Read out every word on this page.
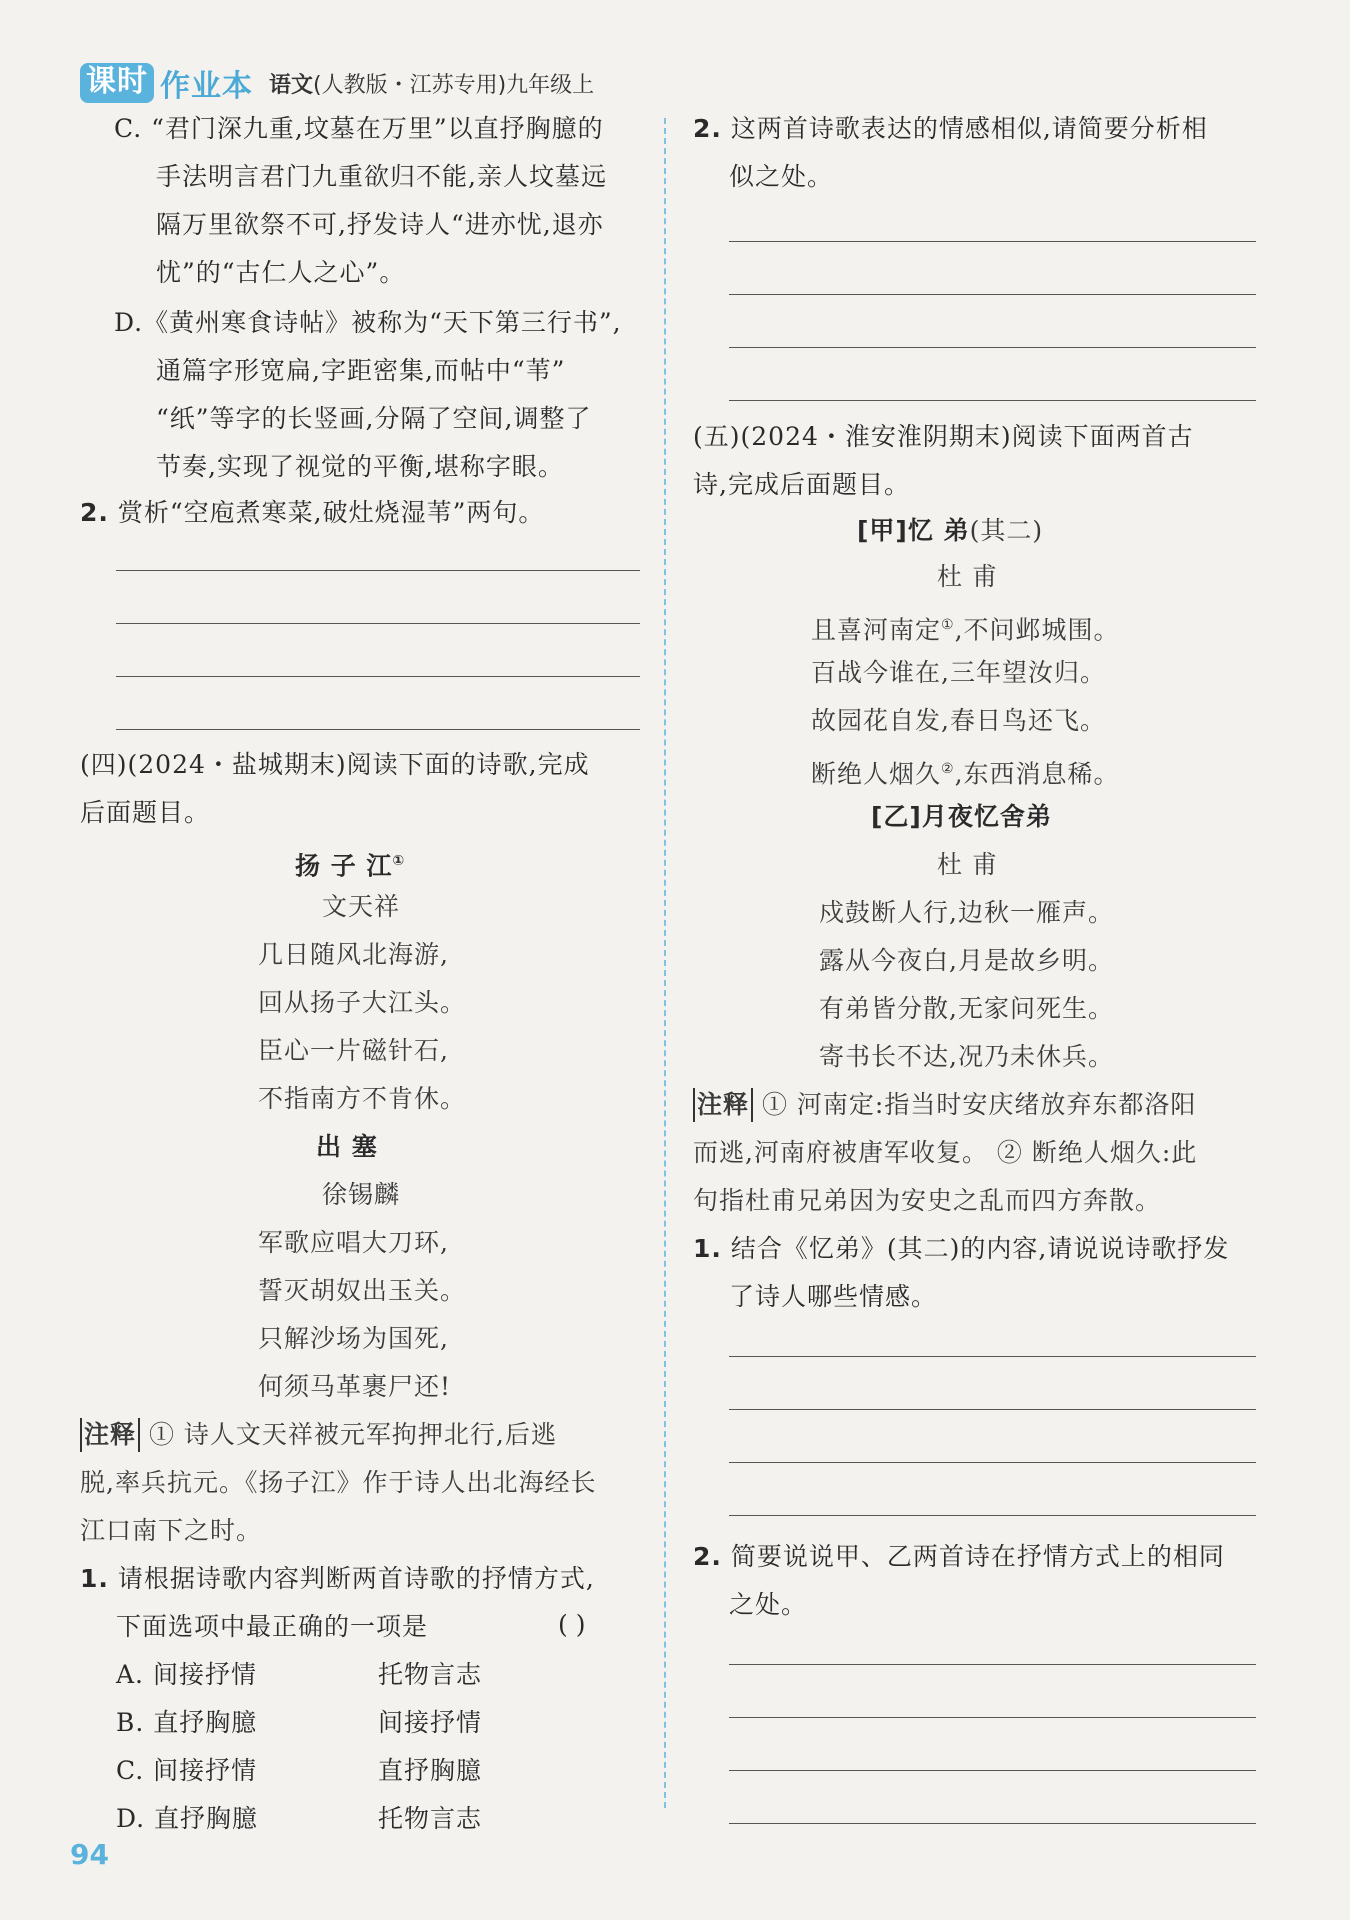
课时 作业本 语文(人教版・江苏专用)九年级上
C. “君门深九重,坟墓在万里”以直抒胸臆的
手法明言君门九重欲归不能,亲人坟墓远
隔万里欲祭不可,抒发诗人“进亦忧,退亦
忧”的“古仁人之心”。
D.《黄州寒食诗帖》被称为“天下第三行书”,
通篇字形宽扁,字距密集,而帖中“苇”
“纸”等字的长竖画,分隔了空间,调整了
节奏,实现了视觉的平衡,堪称字眼。
2. 赏析“空庖煮寒菜,破灶烧湿苇”两句。
(四)(2024・盐城期末)阅读下面的诗歌,完成
后面题目。
扬 子 江①
文天祥
几日随风北海游,
回从扬子大江头。
臣心一片磁针石,
不指南方不肯休。
出 塞
徐锡麟
军歌应唱大刀环,
誓灭胡奴出玉关。
只解沙场为国死,
何须马革裹尸还!
注释 ① 诗人文天祥被元军拘押北行,后逃
脱,率兵抗元。《扬子江》作于诗人出北海经长
江口南下之时。
1. 请根据诗歌内容判断两首诗歌的抒情方式,
下面选项中最正确的一项是	( )
A. 间接抒情	托物言志
B. 直抒胸臆	间接抒情
C. 间接抒情	直抒胸臆
D. 直抒胸臆	托物言志
2. 这两首诗歌表达的情感相似,请简要分析相
似之处。
(五)(2024・淮安淮阴期末)阅读下面两首古
诗,完成后面题目。
[甲]忆 弟(其二)
杜 甫
且喜河南定①,不问邺城围。
百战今谁在,三年望汝归。
故园花自发,春日鸟还飞。
断绝人烟久②,东西消息稀。
[乙]月夜忆舍弟
杜 甫
戍鼓断人行,边秋一雁声。
露从今夜白,月是故乡明。
有弟皆分散,无家问死生。
寄书长不达,况乃未休兵。
注释 ① 河南定:指当时安庆绪放弃东都洛阳
而逃,河南府被唐军收复。 ② 断绝人烟久:此
句指杜甫兄弟因为安史之乱而四方奔散。
1. 结合《忆弟》(其二)的内容,请说说诗歌抒发
了诗人哪些情感。
2. 简要说说甲、乙两首诗在抒情方式上的相同
之处。
94
